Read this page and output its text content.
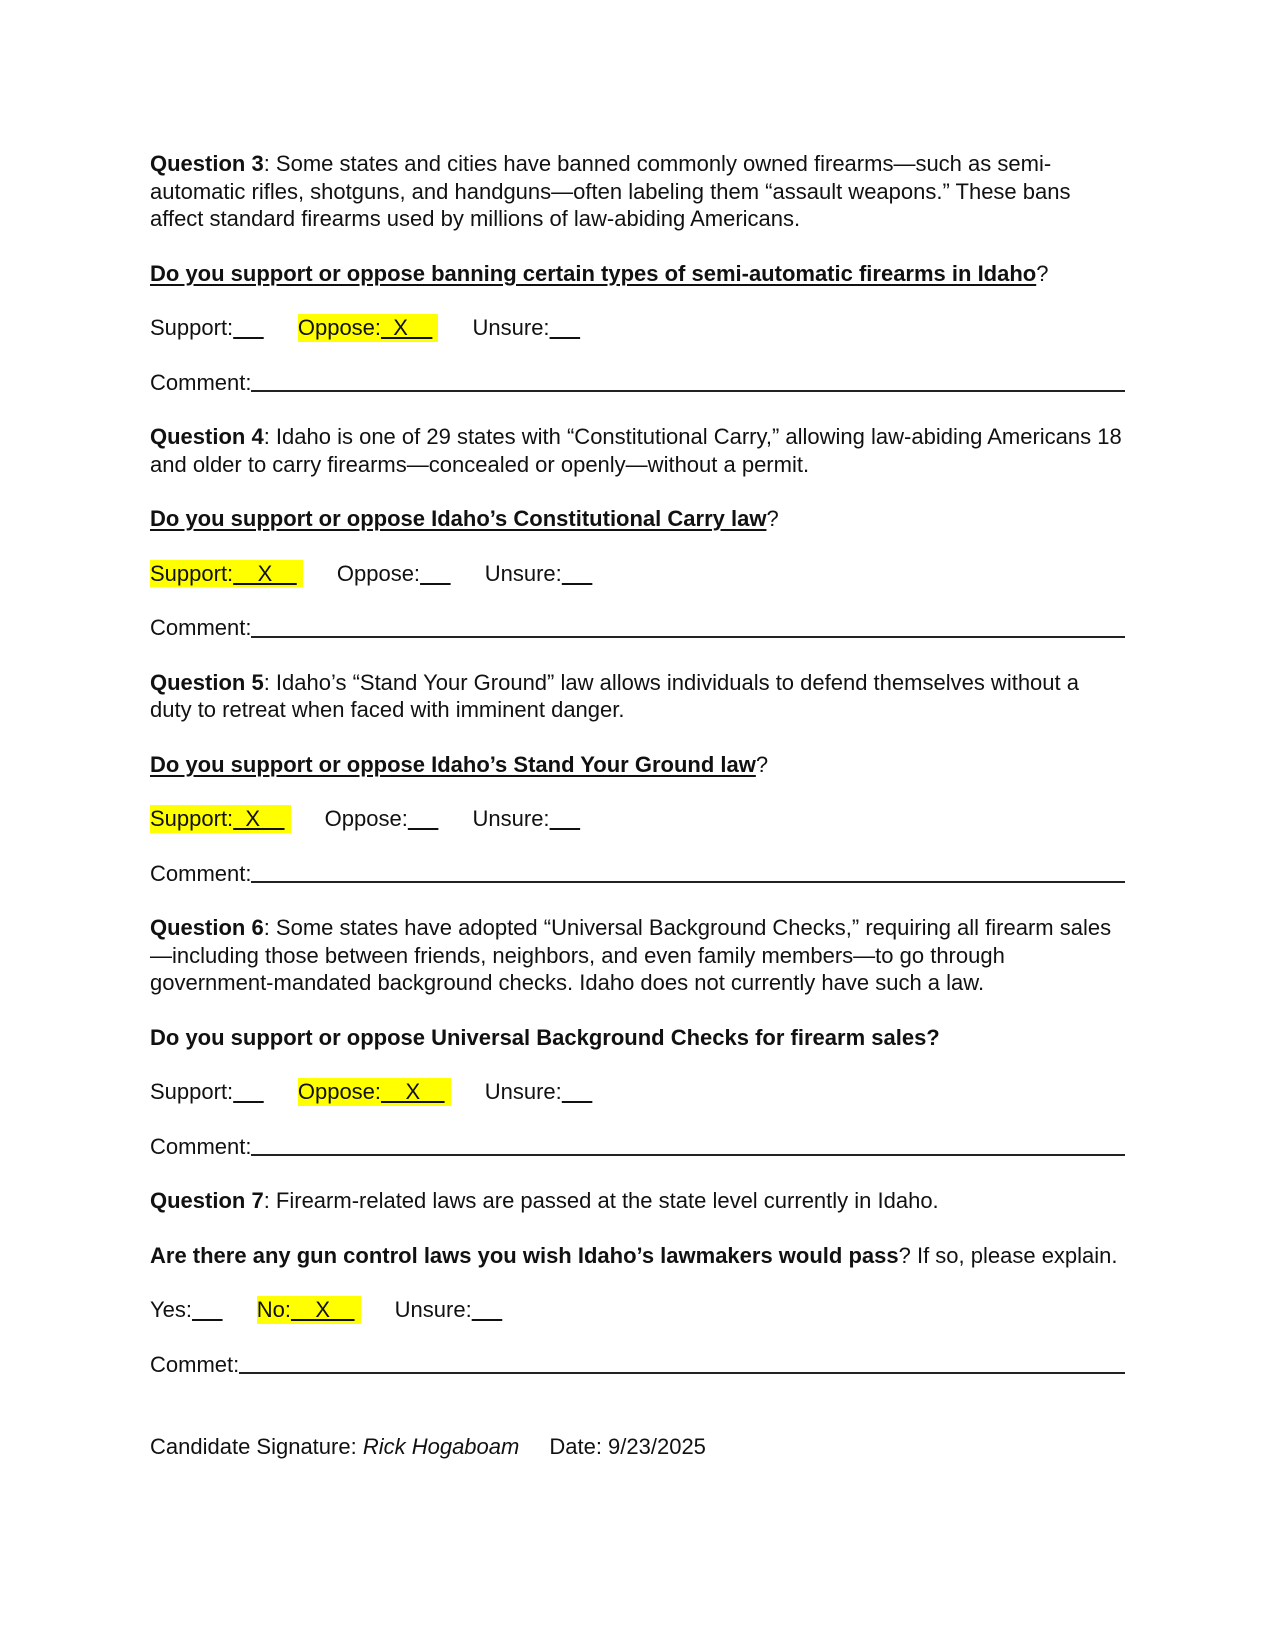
Question 3: Some states and cities have banned commonly owned firearms—such as semi-automatic rifles, shotguns, and handguns—often labeling them “assault weapons.” These bans affect standard firearms used by millions of law-abiding Americans.

Do you support or oppose banning certain types of semi-automatic firearms in Idaho?

Support:	Oppose:  X     Unsure:

Comment:

Question 4: Idaho is one of 29 states with “Constitutional Carry,” allowing law-abiding Americans 18 and older to carry firearms—concealed or openly—without a permit.

Do you support or oppose Idaho’s Constitutional Carry law?

Support:    X     Oppose:	Unsure:

Comment:

Question 5: Idaho’s “Stand Your Ground” law allows individuals to defend themselves without a duty to retreat when faced with imminent danger.

Do you support or oppose Idaho’s Stand Your Ground law?

Support:  X     Oppose:	Unsure:

Comment:

Question 6: Some states have adopted “Universal Background Checks,” requiring all firearm sales—including those between friends, neighbors, and even family members—to go through government-mandated background checks. Idaho does not currently have such a law.

Do you support or oppose Universal Background Checks for firearm sales?

Support:	Oppose:    X     Unsure:

Comment:

Question 7: Firearm-related laws are passed at the state level currently in Idaho.

Are there any gun control laws you wish Idaho’s lawmakers would pass? If so, please explain.

Yes:	No:    X     Unsure:

Commet:

Candidate Signature: Rick Hogaboam Date: 9/23/2025
